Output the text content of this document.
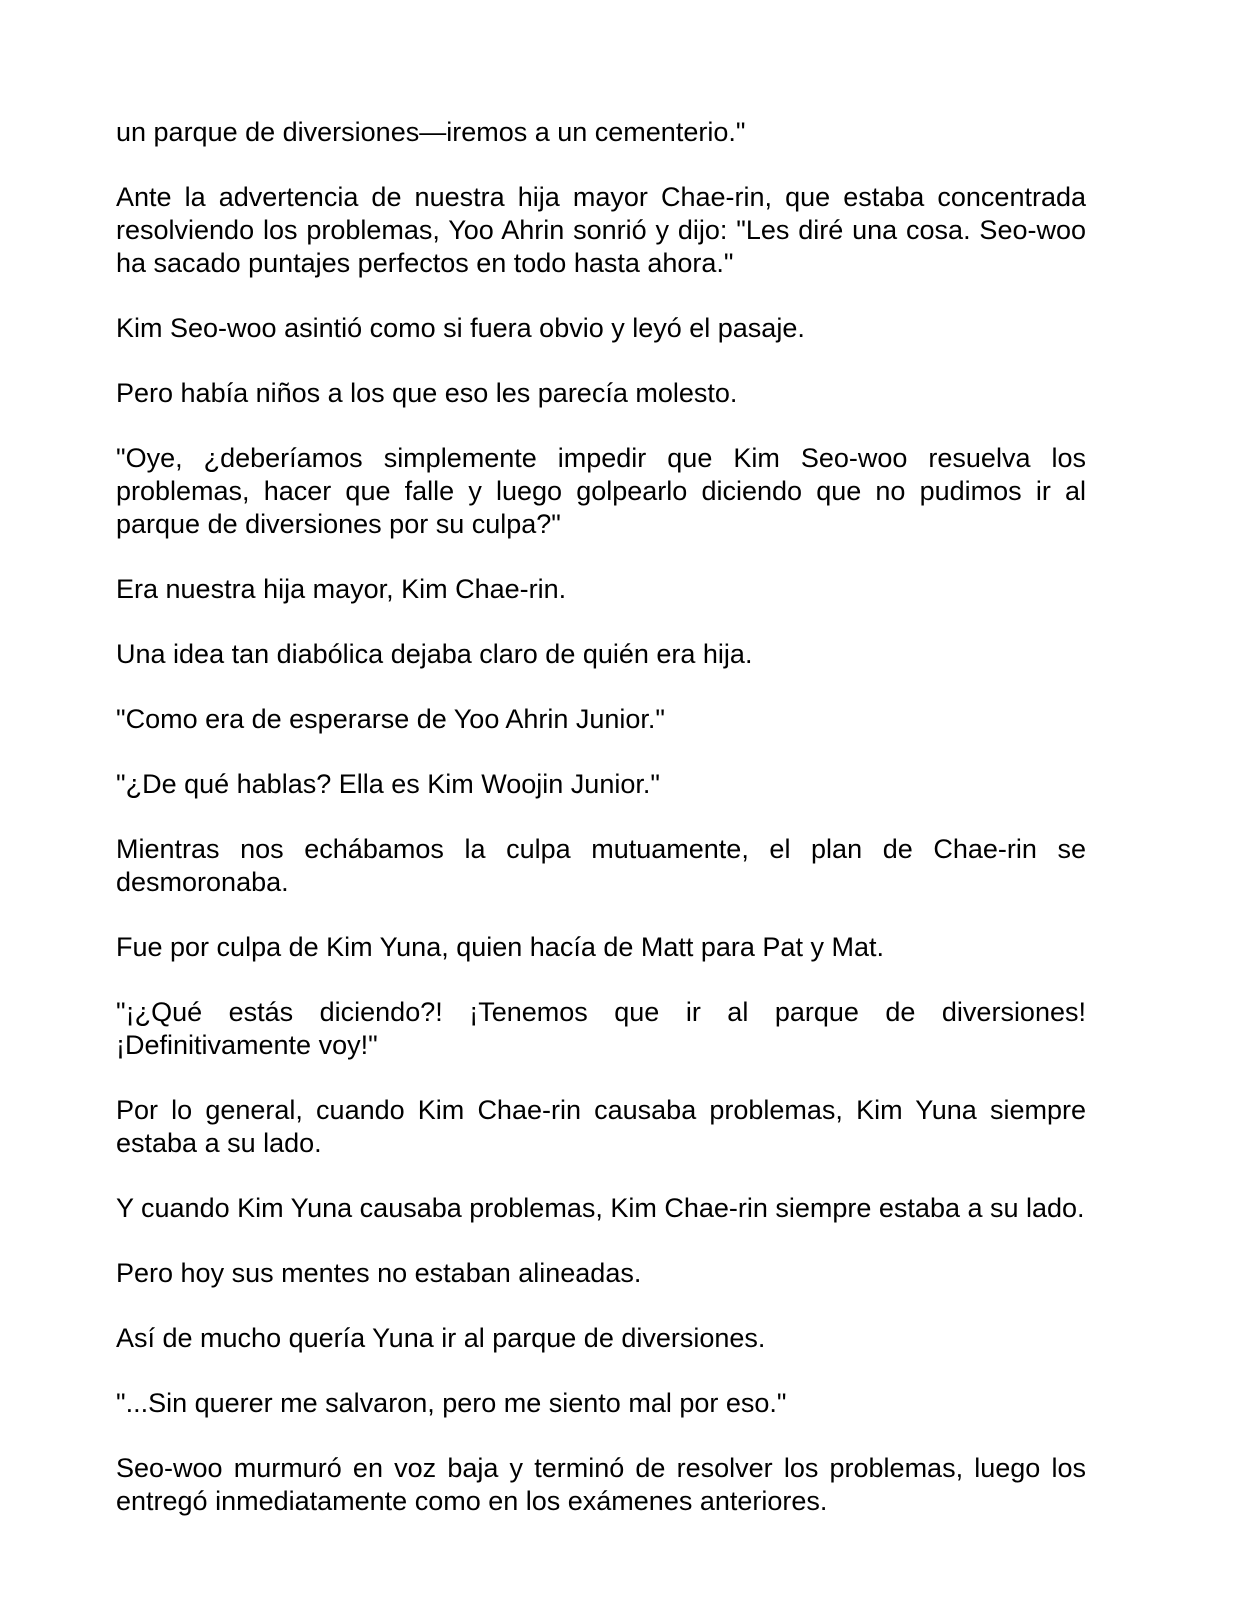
un parque de diversiones—iremos a un cementerio."

Ante la advertencia de nuestra hija mayor Chae-rin, que estaba concentrada resolviendo los problemas, Yoo Ahrin sonrió y dijo: "Les diré una cosa. Seo-woo ha sacado puntajes perfectos en todo hasta ahora."

Kim Seo-woo asintió como si fuera obvio y leyó el pasaje.

Pero había niños a los que eso les parecía molesto.

"Oye, ¿deberíamos simplemente impedir que Kim Seo-woo resuelva los problemas, hacer que falle y luego golpearlo diciendo que no pudimos ir al parque de diversiones por su culpa?"

Era nuestra hija mayor, Kim Chae-rin.

Una idea tan diabólica dejaba claro de quién era hija.

"Como era de esperarse de Yoo Ahrin Junior."

"¿De qué hablas? Ella es Kim Woojin Junior."

Mientras nos echábamos la culpa mutuamente, el plan de Chae-rin se desmoronaba.

Fue por culpa de Kim Yuna, quien hacía de Matt para Pat y Mat.

"¡¿Qué estás diciendo?! ¡Tenemos que ir al parque de diversiones! ¡Definitivamente voy!"

Por lo general, cuando Kim Chae-rin causaba problemas, Kim Yuna siempre estaba a su lado.

Y cuando Kim Yuna causaba problemas, Kim Chae-rin siempre estaba a su lado.

Pero hoy sus mentes no estaban alineadas.

Así de mucho quería Yuna ir al parque de diversiones.

"...Sin querer me salvaron, pero me siento mal por eso."

Seo-woo murmuró en voz baja y terminó de resolver los problemas, luego los entregó inmediatamente como en los exámenes anteriores.
